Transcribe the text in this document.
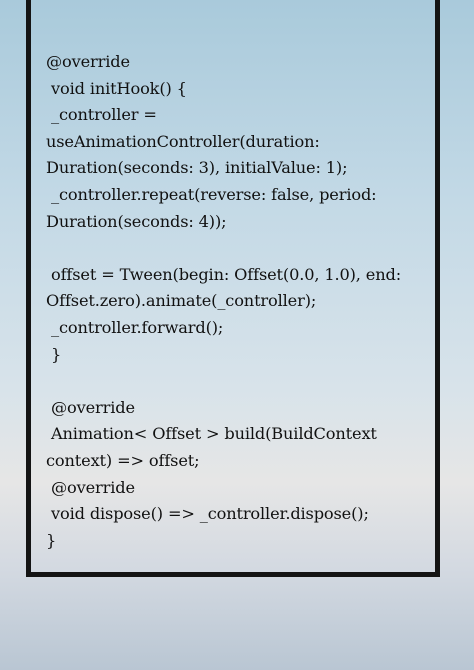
@override
void initHook() {
_controller =
useAnimationController(duration:
Duration(seconds: 3), initialValue: 1);
_controller.repeat(reverse: false, period:
Duration(seconds: 4));
offset = Tween(begin: Offset(0.0, 1.0), end:
Offset.zero).animate(_controller);
_controller.forward();
}
@override
Animation< Offset > build(BuildContext
context) => offset;
@override
void dispose() => _controller.dispose();
}
